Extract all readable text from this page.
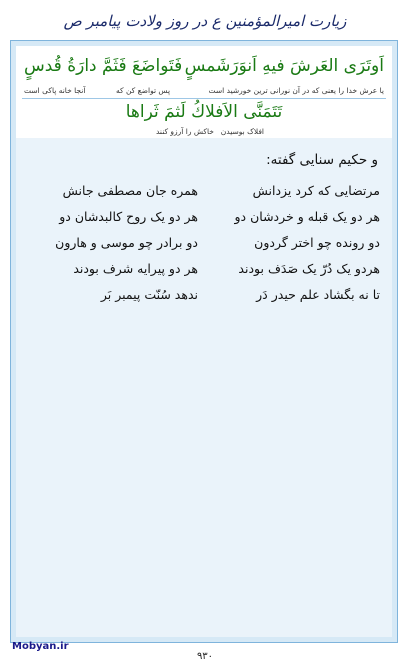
زیارت امیرالمؤمنین ع در روز ولادت پیامبر ص
اَوتَرَى العَرشَ فيهِ اَنوَرَشَمسٍ
فَتَواضَعَ فَثَمَّ دارَةُ قُدسٍ
یا عرش خدا را یعنی که در آن نورانی ترین خورشید است
پس تواضع کن که
آنجا خانه پاکی است
تَتَمَنَّى الاَفلاكُ لَثمَ ثَراها
افلاک بوسیدن
خاکش را آرزو کنند
و حکیم سنایی گفته:
مرتضایی که کرد یزدانش
همره جان مصطفی جانش
هر دو یک قبله و خردشان دو
هر دو یک روح کالبدشان دو
دو رونده چو اختر گردون
دو برادر چو موسی و هارون
هردو یک دُرّ یک صَدَف بودند
هر دو پیرایه شرف بودند
تا نه بگشاد علم حیدر دَر
ندهد سُنّت پیمبر بَر
Mobyan.ir
۹۳۰
